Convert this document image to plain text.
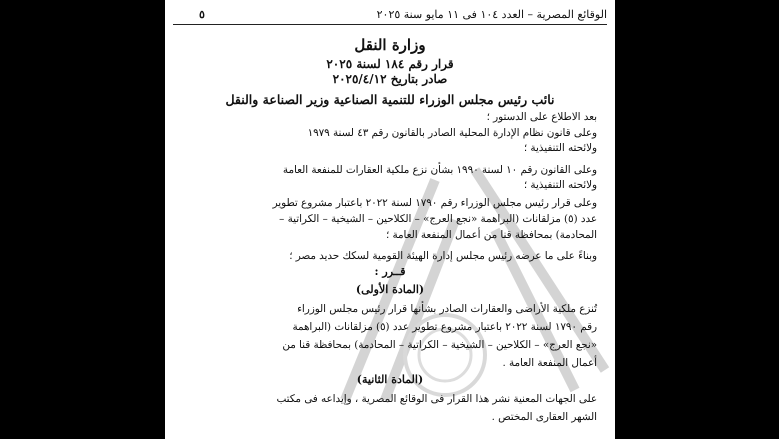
الوقائع المصرية – العدد ١٠٤ فى ١١ مايو سنة ٢٠٢٥
٥
وزارة النقل
قرار رقم ١٨٤ لسنة ٢٠٢٥
صادر بتاريخ ٢٠٢٥/٤/١٢
نائب رئيس مجلس الوزراء للتنمية الصناعية وزير الصناعة والنقل
بعد الاطلاع على الدستور ؛
وعلى قانون نظام الإدارة المحلية الصادر بالقانون رقم ٤٣ لسنة ١٩٧٩
ولائحته التنفيذية ؛
وعلى القانون رقم ١٠ لسنة ١٩٩٠ بشأن نزع ملكية العقارات للمنفعة العامة
ولائحته التنفيذية ؛
وعلى قرار رئيس مجلس الوزراء رقم ١٧٩٠ لسنة ٢٠٢٢ باعتبار مشروع تطوير
عدد (٥) مزلقانات (البراهمة «نجع العرج» – الكلاحين – الشيخية – الكراتية –
المحادمة) بمحافظة قنا من أعمال المنفعة العامة ؛
وبناءً على ما عرضه رئيس مجلس إدارة الهيئة القومية لسكك حديد مصر ؛
قــرر :
(المادة الأولى)
تُنزع ملكية الأراضى والعقارات الصادر بشأنها قرار رئيس مجلس الوزراء
رقم ١٧٩٠ لسنة ٢٠٢٢ باعتبار مشروع تطوير عدد (٥) مزلقانات (البراهمة
«نجع العرج» – الكلاحين – الشيخية – الكراتية – المحادمة) بمحافظة قنا من
أعمال المنفعة العامة .
(المادة الثانية)
على الجهات المعنية نشر هذا القرار فى الوقائع المصرية ، وإيداعه فى مكتب
الشهر العقارى المختص .
